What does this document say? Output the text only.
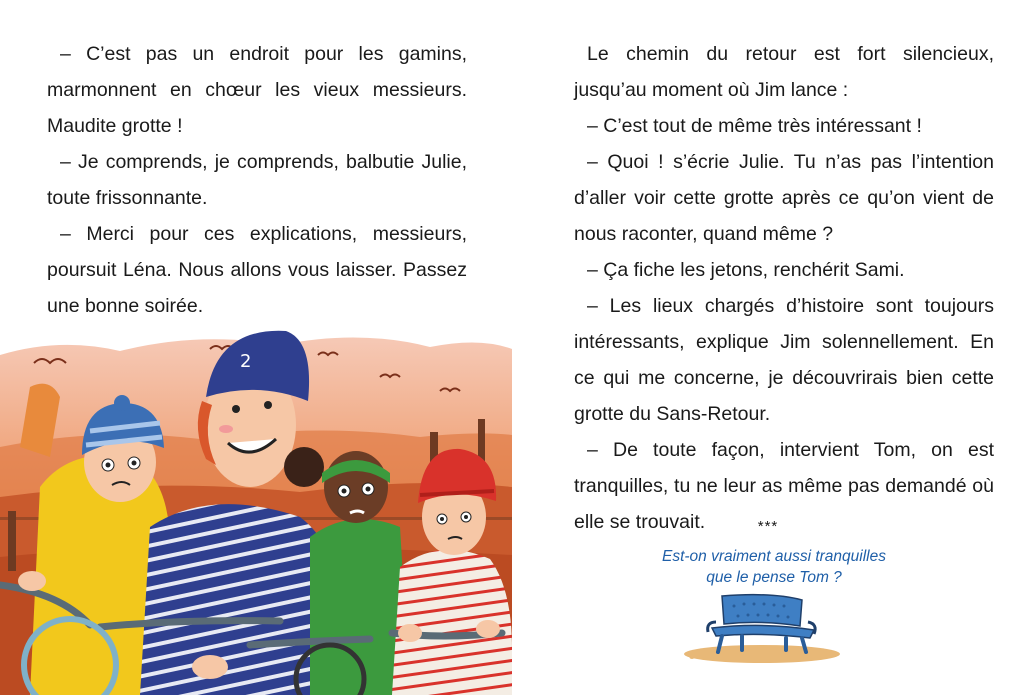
– C’est pas un endroit pour les gamins, marmonnent en chœur les vieux messieurs. Maudite grotte !

– Je comprends, je comprends, balbutie Julie, toute frissonnante.

– Merci pour ces explications, messieurs, poursuit Léna. Nous allons vous laisser. Passez une bonne soirée.

2

Le chemin du retour est fort silencieux, jusqu’au moment où Jim lance :

– C’est tout de même très intéressant !

– Quoi ! s’écrie Julie. Tu n’as pas l’intention d’aller voir cette grotte après ce qu’on vient de nous raconter, quand même ?

– Ça fiche les jetons, renchérit Sami.

– Les lieux chargés d’histoire sont toujours intéressants, explique Jim solennellement. En ce qui me concerne, je découvrirais bien cette grotte du Sans-Retour.

– De toute façon, intervient Tom, on est tranquilles, tu ne leur as même pas demandé où elle se trouvait.	***
Est-on vraiment aussi tranquilles
que le pense Tom ?
